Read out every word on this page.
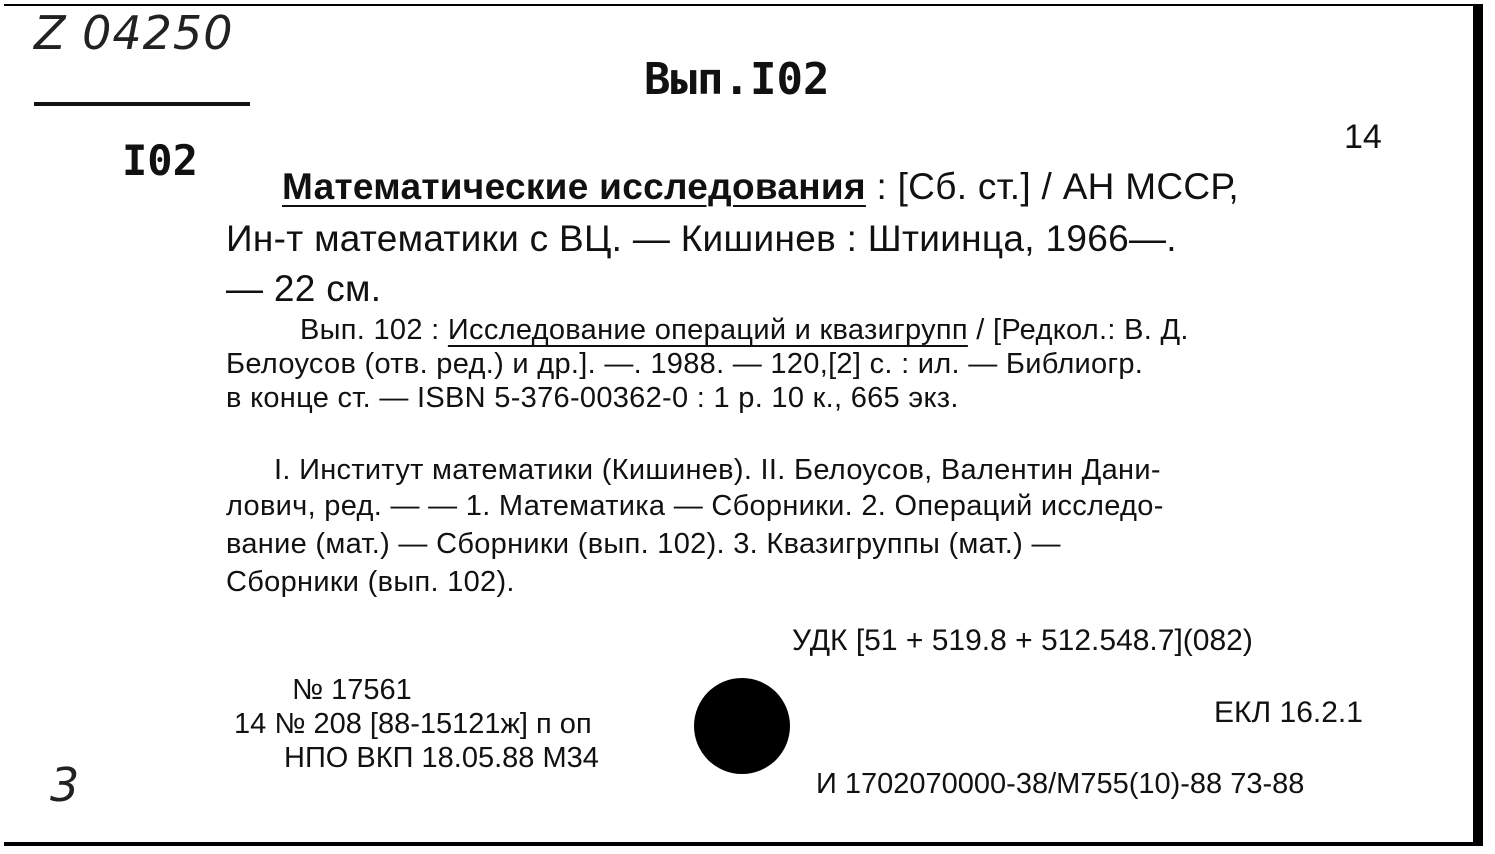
Z 04250
Вып.I02
I02	14
Математические исследования : [Сб. ст.] / АН МССР,
Ин-т математики с ВЦ. — Кишинев : Штиинца, 1966—.
— 22 см.
Вып. 102 : Исследование операций и квазигрупп / [Редкол.: В. Д.
Белоусов (отв. ред.) и др.]. —. 1988. — 120,[2] с. : ил. — Библиогр.
в конце ст. — ISBN 5-376-00362-0 : 1 р. 10 к., 665 экз.
I. Институт математики (Кишинев). II. Белоусов, Валентин Дани-
лович, ред. — — 1. Математика — Сборники. 2. Операций исследо-
вание (мат.) — Сборники (вып. 102). 3. Квазигруппы (мат.) —
Сборники (вып. 102).
УДК [51 + 519.8 + 512.548.7](082)
№ 17561
14 № 208 [88-15121ж] п оп
НПО ВКП 18.05.88 М34
ЕКЛ 16.2.1
И 1702070000-38/М755(10)-88 73-88
3
